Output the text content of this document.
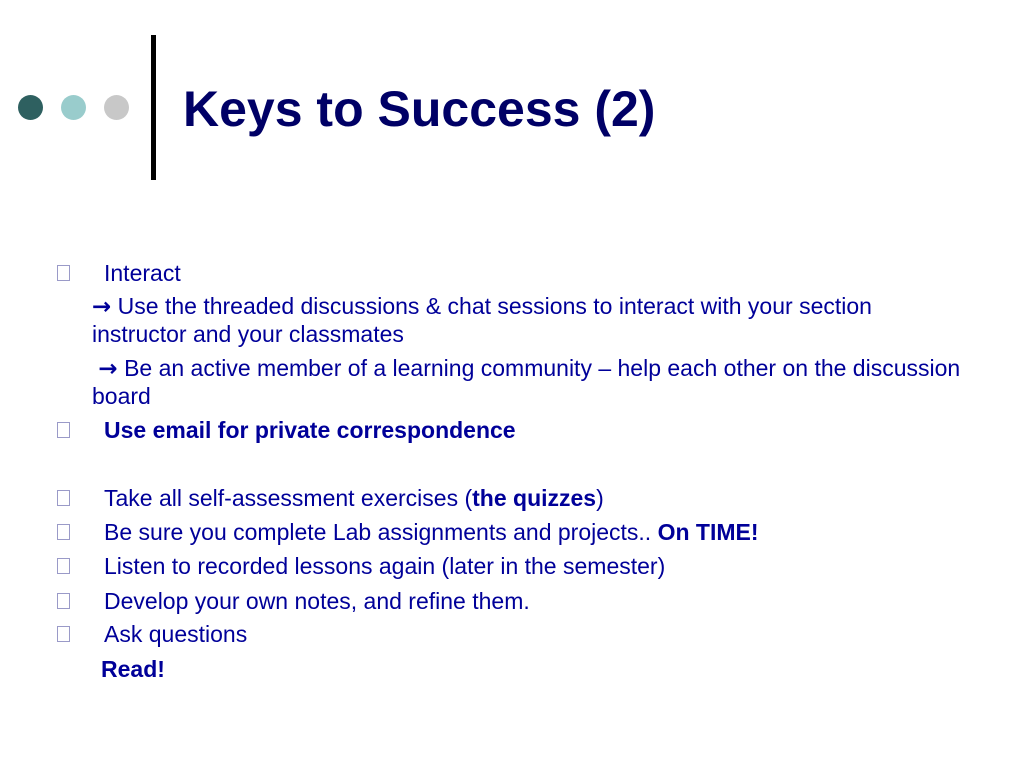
Keys to Success (2)
Interact
→ Use the threaded discussions & chat sessions to interact with your section instructor and your classmates
→ Be an active member of a learning community – help each other on the discussion board
Use email for private correspondence
Take all self-assessment exercises (the quizzes)
Be sure you complete Lab assignments and projects.. On TIME!
Listen to recorded lessons again (later in the semester)
Develop your own notes, and refine them.
Ask questions
Read!
